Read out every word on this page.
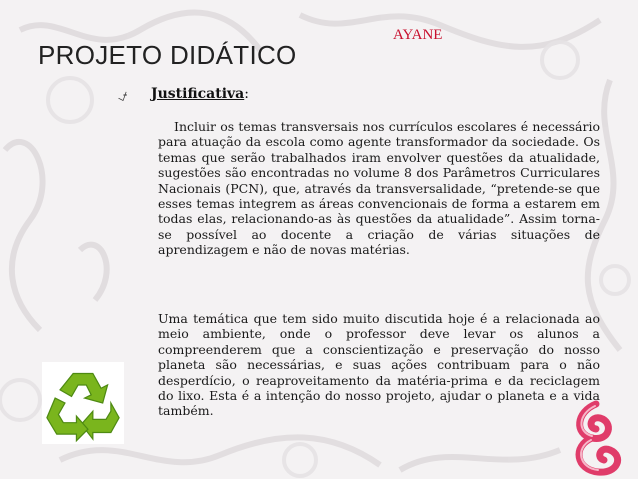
AYANE
PROJETO DIDÁTICO
⍻ Justificativa:

Incluir os temas transversais nos currículos escolares é necessário para atuação da escola como agente transformador da sociedade. Os temas que serão trabalhados iram envolver questões da atualidade, sugestões são encontradas no volume 8 dos Parâmetros Curriculares Nacionais (PCN), que, através da transversalidade, “pretende-se que esses temas integrem as áreas convencionais de forma a estarem em todas elas, relacionando-as às questões da atualidade”. Assim torna-se possível ao docente a criação de várias situações de aprendizagem e não de novas matérias.

Uma temática que tem sido muito discutida hoje é a relacionada ao meio ambiente, onde o professor deve levar os alunos a compreenderem que a conscientização e preservação do nosso planeta são necessárias, e suas ações contribuam para o não desperdício, o reaproveitamento da matéria-prima e da reciclagem do lixo. Esta é a intenção do nosso projeto, ajudar o planeta e a vida também.
